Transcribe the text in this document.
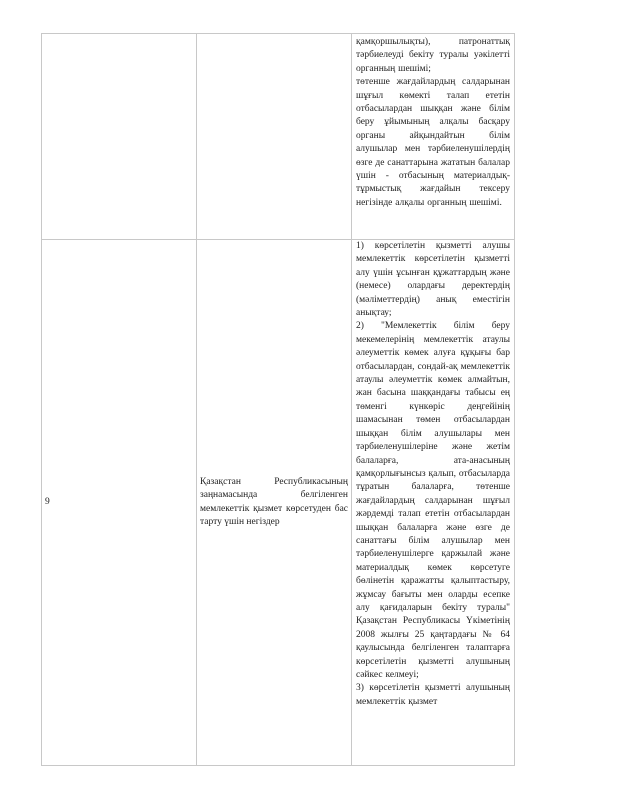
		қамқоршылықты), патронаттық тәрбиелеуді бекіту туралы уәкілетті органның шешімі;

төтенше жағдайлардың салдарынан шұғыл көмекті талап ететін отбасылардан шыққан және білім беру ұйымының алқалы басқару органы айқындайтын білім алушылар мен тәрбиеленушілердің өзге де санаттарына жататын балалар үшін - отбасының материалдық-тұрмыстық жағдайын тексеру негізінде алқалы органның шешімі.

9	Қазақстан Республикасының заңнамасында белгіленген мемлекеттік қызмет көрсетуден бас тарту үшін негіздер	1) көрсетілетін қызметті алушы мемлекеттік көрсетілетін қызметті алу үшін ұсынған құжаттардың және (немесе) олардағы деректердің (мәліметтердің) анық еместігін анықтау;

2) "Мемлекеттік білім беру мекемелерінің мемлекеттік атаулы әлеуметтік көмек алуға құқығы бар отбасылардан, сондай-ақ мемлекеттік атаулы әлеуметтік көмек алмайтын, жан басына шаққандағы табысы ең төменгі күнкөріс деңгейінің шамасынан төмен отбасылардан шыққан білім алушылары мен тәрбиеленушілеріне және жетім балаларға, ата-анасының қамқорлығынсыз қалып, отбасыларда тұратын балаларға, төтенше жағдайлардың салдарынан шұғыл жәрдемді талап ететін отбасылардан шыққан балаларға және өзге де санаттағы білім алушылар мен тәрбиеленушілерге қаржылай және материалдық көмек көрсетуге бөлінетін қаражатты қалыптастыру, жұмсау бағыты мен оларды есепке алу қағидаларын бекіту туралы" Қазақстан Республикасы Үкіметінің 2008 жылғы 25 қаңтардағы № 64 қаулысында белгіленген талаптарға көрсетілетін қызметті алушының сәйкес келмеуі;

3) көрсетілетін қызметті алушының мемлекеттік қызмет
